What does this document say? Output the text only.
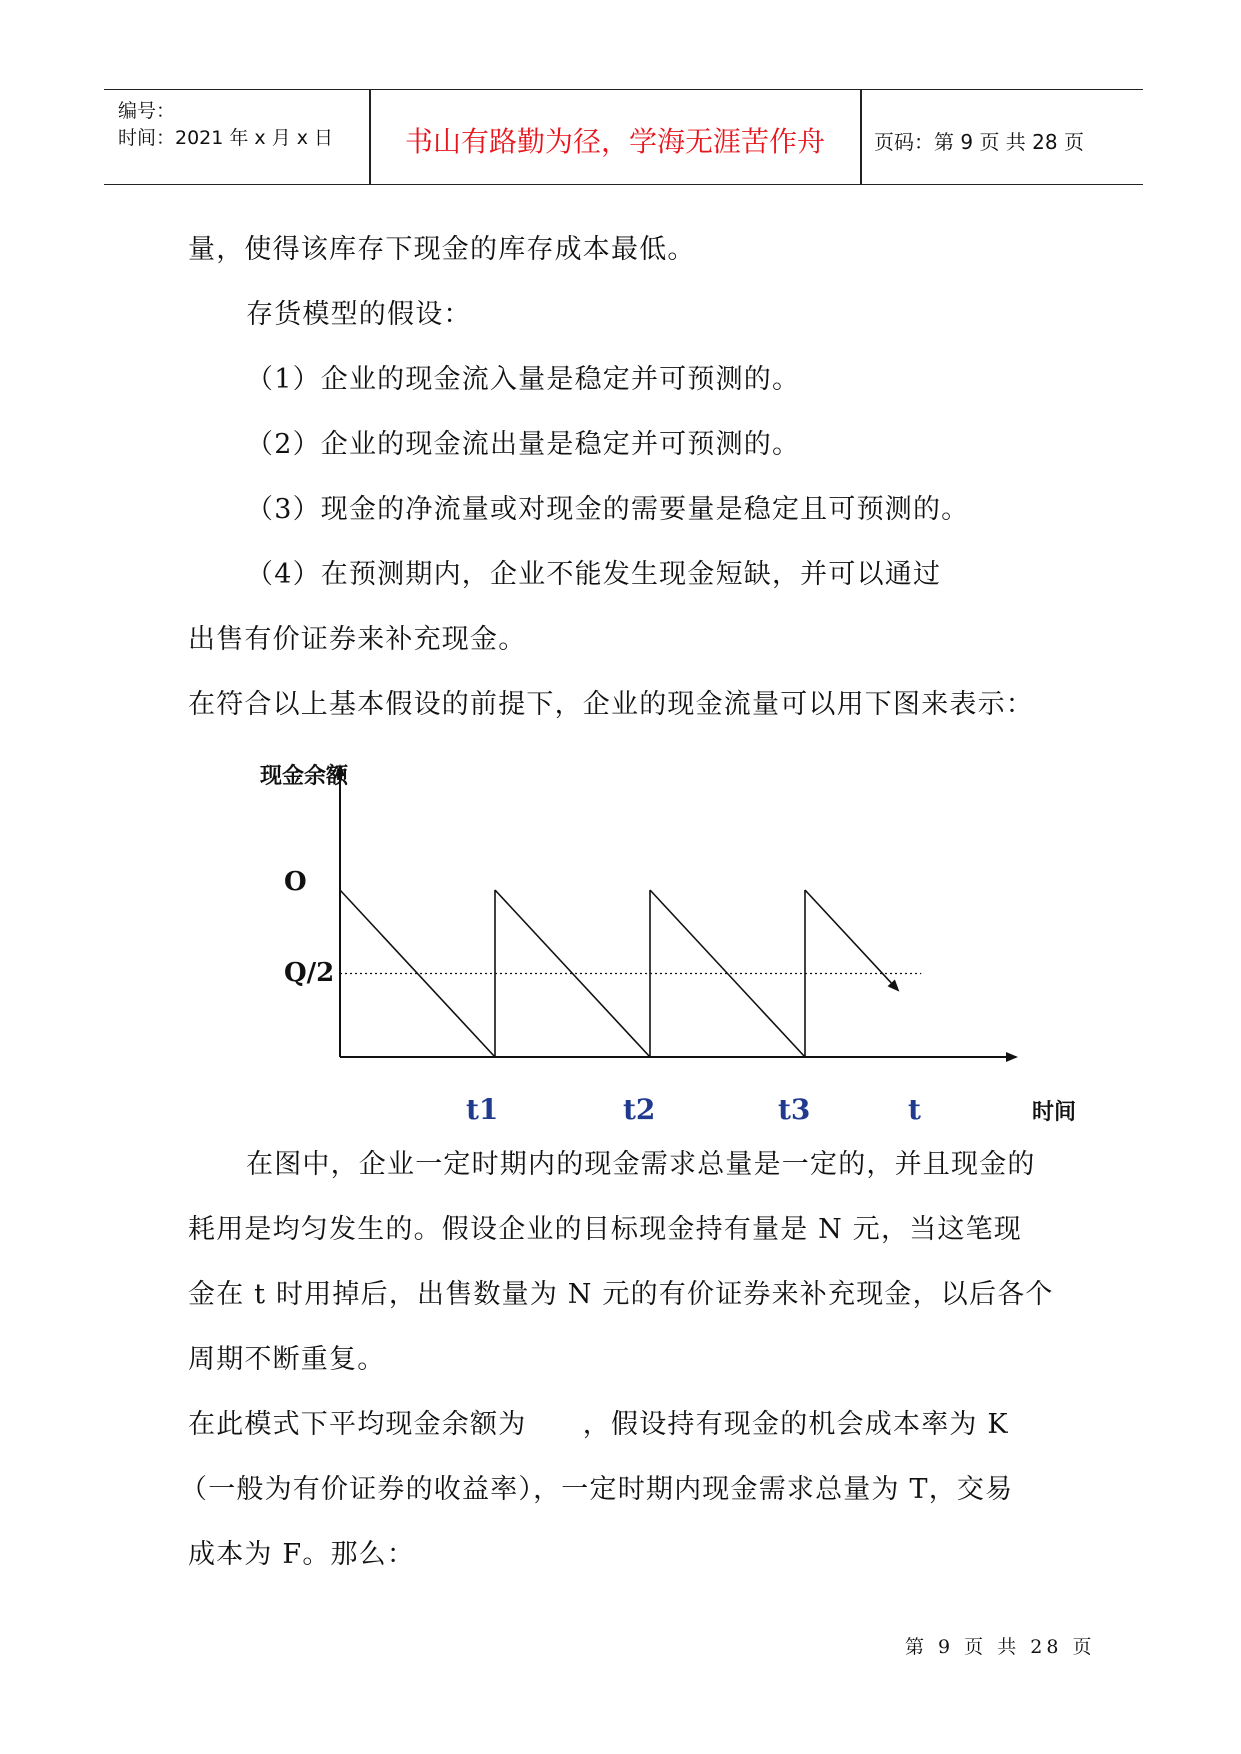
编号：
时间：2021 年 x 月 x 日	书山有路勤为径，学海无涯苦作舟	页码：第 9 页 共 28 页
量，使得该库存下现金的库存成本最低。
存货模型的假设：
（1）企业的现金流入量是稳定并可预测的。
（2）企业的现金流出量是稳定并可预测的。
（3）现金的净流量或对现金的需要量是稳定且可预测的。
（4）在预测期内，企业不能发生现金短缺，并可以通过
出售有价证券来补充现金。
在符合以上基本假设的前提下，企业的现金流量可以用下图来表示：
现金余额
时间
O
Q/2
t1	t2	t3	t
在图中，企业一定时期内的现金需求总量是一定的，并且现金的
耗用是均匀发生的。假设企业的目标现金持有量是 N 元，当这笔现
金在 t 时用掉后，出售数量为 N 元的有价证券来补充现金，以后各个
周期不断重复。
在此模式下平均现金余额为　　，假设持有现金的机会成本率为 K
（一般为有价证券的收益率），一定时期内现金需求总量为 T，交易
成本为 F。那么：
第 9 页 共 28 页
